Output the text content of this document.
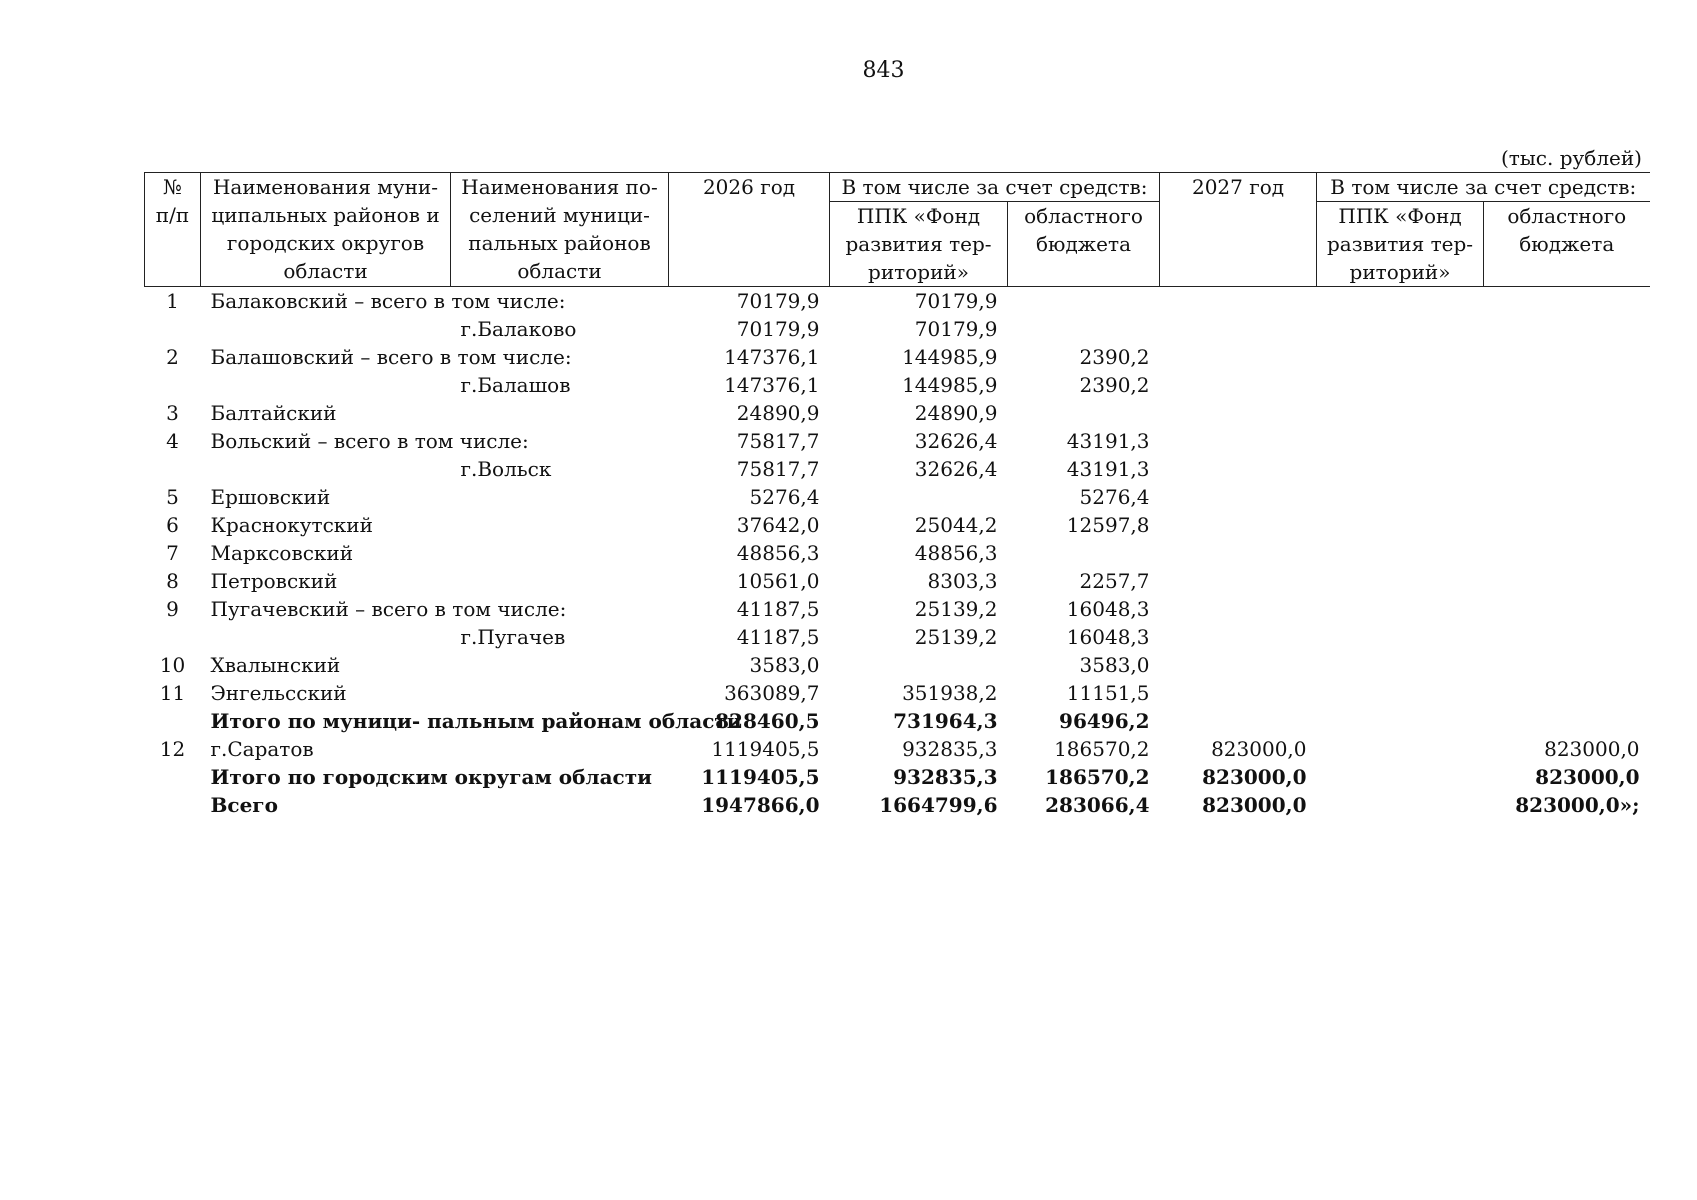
843
(тыс. рублей)
№ п/п	Наименования муниципальных районов и городских округов области	Наименования поселений муниципальных районов области	2026 год	В том числе за счет средств:		2027 год	В том числе за счет средств:	
				ППК «Фонд развития территорий»	областного бюджета		ППК «Фонд развития территорий»	областного бюджета
1	Балаковский – всего в том числе:		70179,9	70179,9				
		г.Балаково	70179,9	70179,9				
2	Балашовский – всего в том числе:		147376,1	144985,9	2390,2			
		г.Балашов	147376,1	144985,9	2390,2			
3	Балтайский		24890,9	24890,9				
4	Вольский – всего в том числе:		75817,7	32626,4	43191,3			
		г.Вольск	75817,7	32626,4	43191,3			
5	Ершовский		5276,4		5276,4			
6	Краснокутский		37642,0	25044,2	12597,8			
7	Марксовский		48856,3	48856,3				
8	Петровский		10561,0	8303,3	2257,7			
9	Пугачевский – всего в том числе:		41187,5	25139,2	16048,3			
		г.Пугачев	41187,5	25139,2	16048,3			
10	Хвалынский		3583,0		3583,0			
11	Энгельсский		363089,7	351938,2	11151,5			
	Итого по муници- пальным районам области		828460,5	731964,3	96496,2			
12	г.Саратов		1119405,5	932835,3	186570,2	823000,0		823000,0
	Итого по городским округам области		1119405,5	932835,3	186570,2	823000,0		823000,0
	Всего		1947866,0	1664799,6	283066,4	823000,0		823000,0»;
